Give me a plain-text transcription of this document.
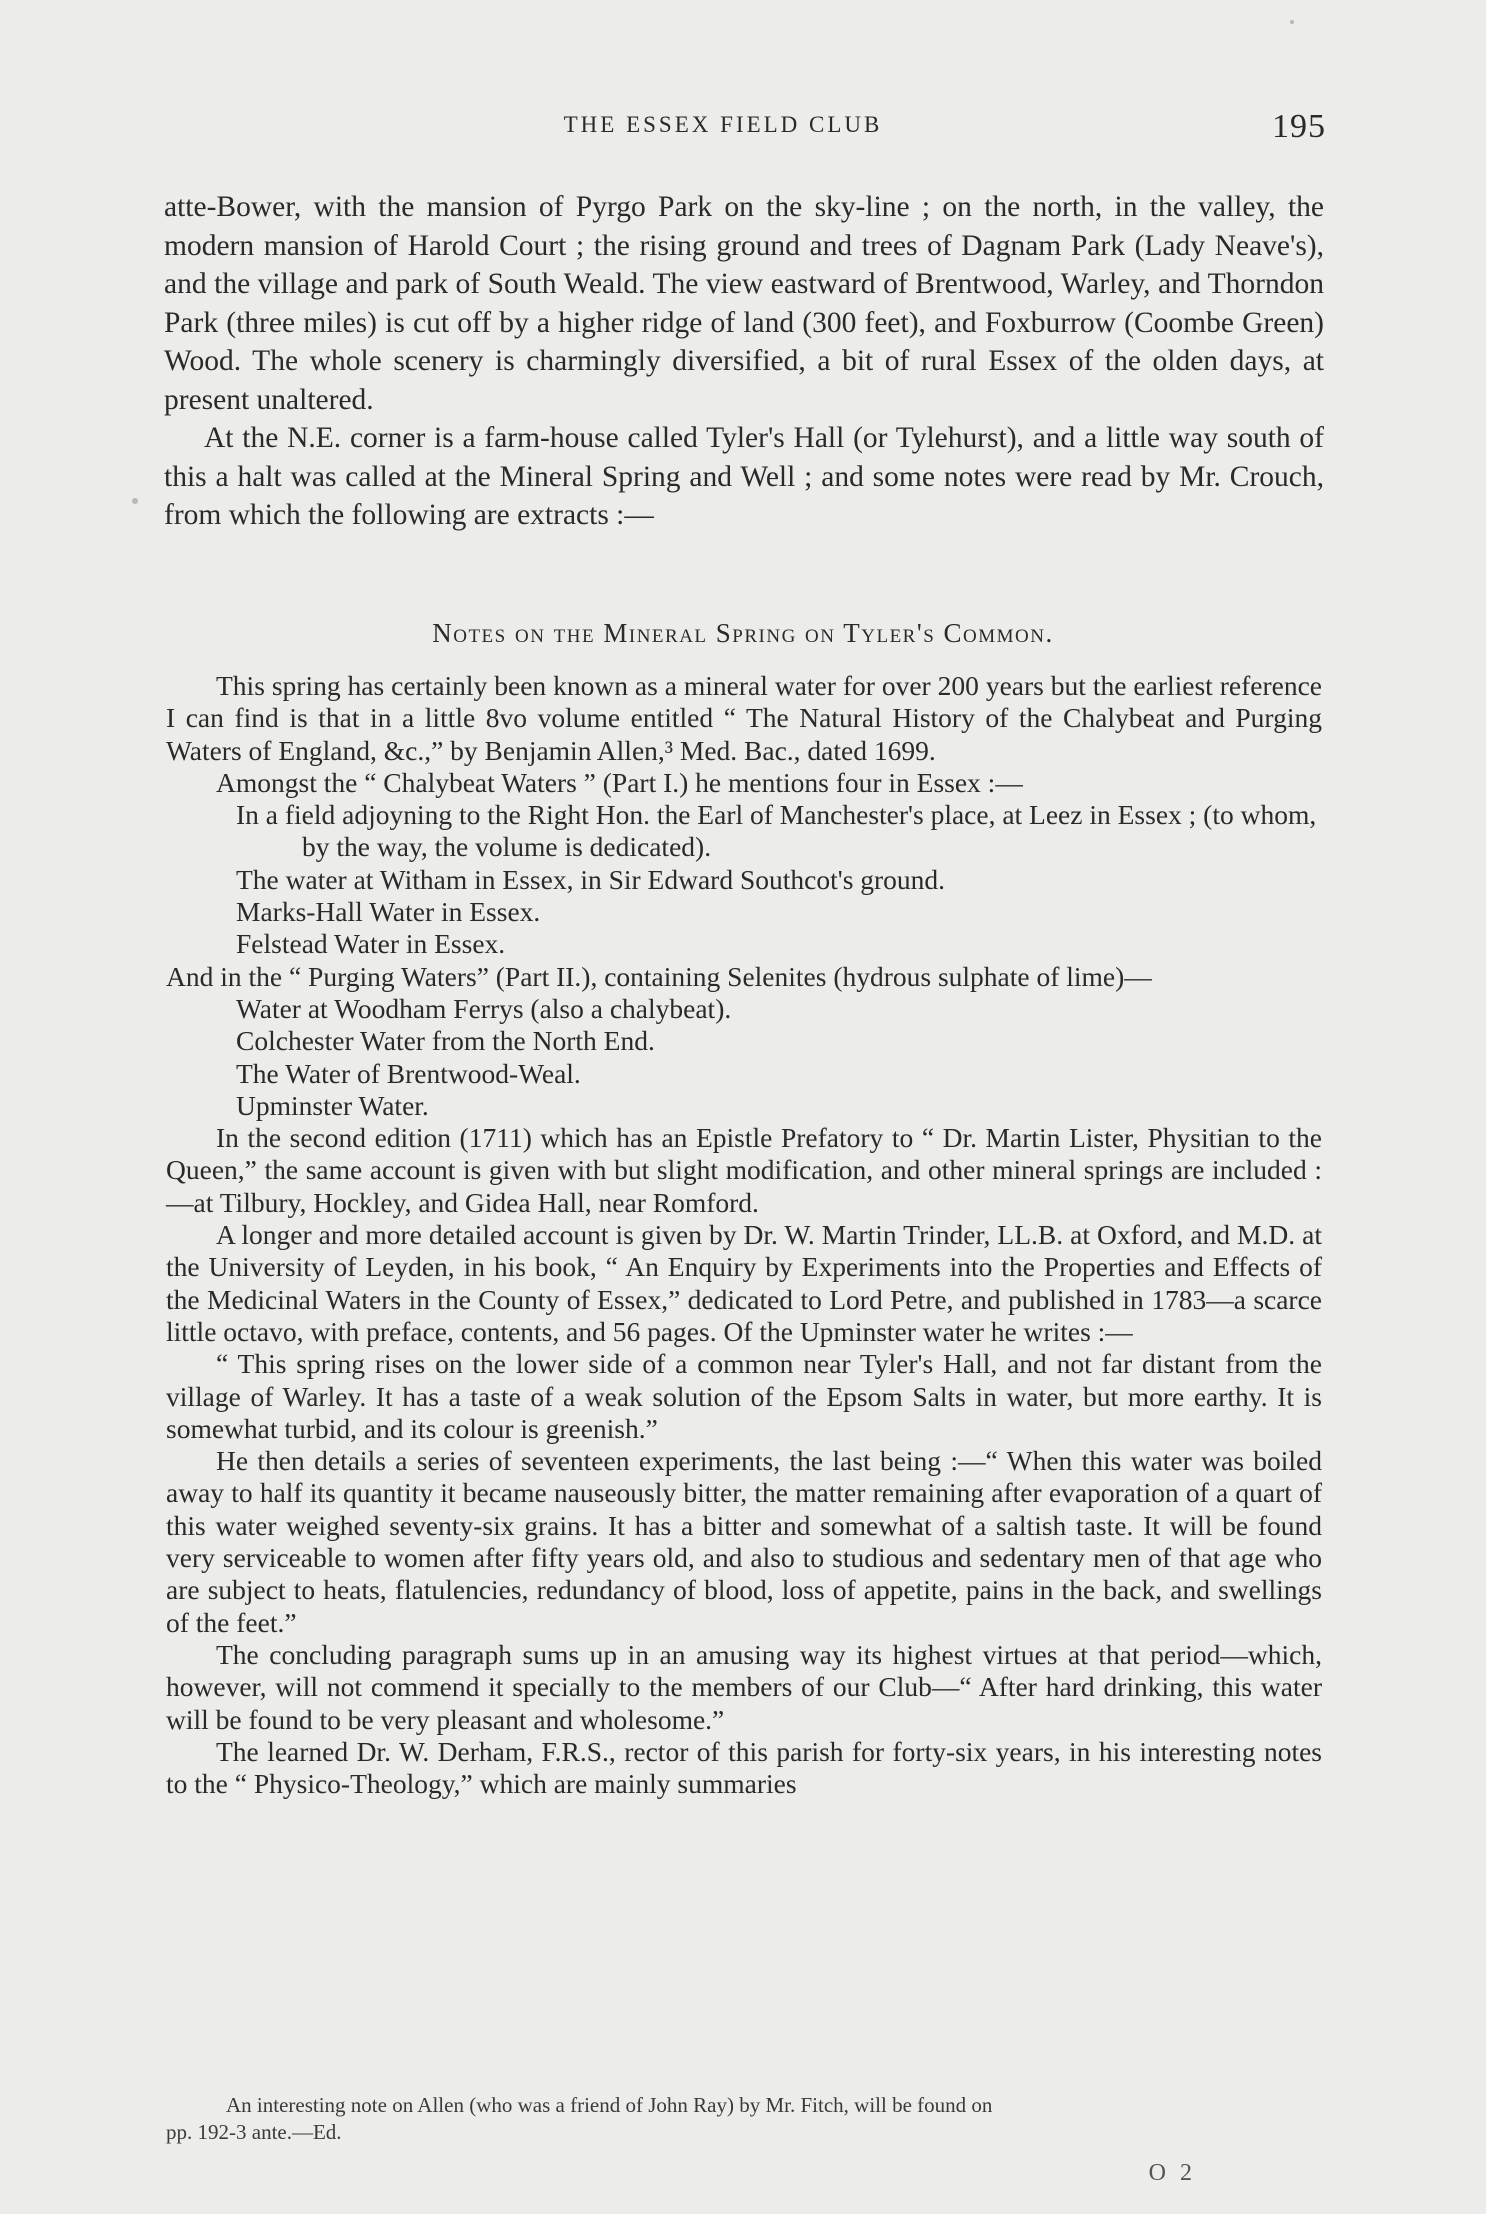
THE ESSEX FIELD CLUB	195

atte-Bower, with the mansion of Pyrgo Park on the sky-line ; on the north, in the valley, the modern mansion of Harold Court ; the rising ground and trees of Dagnam Park (Lady Neave's), and the village and park of South Weald. The view eastward of Brentwood, Warley, and Thorndon Park (three miles) is cut off by a higher ridge of land (300 feet), and Foxburrow (Coombe Green) Wood. The whole scenery is charmingly diversified, a bit of rural Essex of the olden days, at present unaltered.

At the N.E. corner is a farm-house called Tyler's Hall (or Tylehurst), and a little way south of this a halt was called at the Mineral Spring and Well ; and some notes were read by Mr. Crouch, from which the following are extracts :—

Notes on the Mineral Spring on Tyler's Common.

This spring has certainly been known as a mineral water for over 200 years but the earliest reference I can find is that in a little 8vo volume entitled “ The Natural History of the Chalybeat and Purging Waters of England, &c.,” by Benjamin Allen,³ Med. Bac., dated 1699.

Amongst the “ Chalybeat Waters ” (Part I.) he mentions four in Essex :—

In a field adjoyning to the Right Hon. the Earl of Manchester's place, at Leez in Essex ; (to whom, by the way, the volume is dedicated).

The water at Witham in Essex, in Sir Edward Southcot's ground.

Marks-Hall Water in Essex.

Felstead Water in Essex.

And in the “ Purging Waters” (Part II.), containing Selenites (hydrous sulphate of lime)—

Water at Woodham Ferrys (also a chalybeat).

Colchester Water from the North End.

The Water of Brentwood-Weal.

Upminster Water.

In the second edition (1711) which has an Epistle Prefatory to “ Dr. Martin Lister, Physitian to the Queen,” the same account is given with but slight modification, and other mineral springs are included :—at Tilbury, Hockley, and Gidea Hall, near Romford.

A longer and more detailed account is given by Dr. W. Martin Trinder, LL.B. at Oxford, and M.D. at the University of Leyden, in his book, “ An Enquiry by Experiments into the Properties and Effects of the Medicinal Waters in the County of Essex,” dedicated to Lord Petre, and published in 1783—a scarce little octavo, with preface, contents, and 56 pages. Of the Upminster water he writes :—

“ This spring rises on the lower side of a common near Tyler's Hall, and not far distant from the village of Warley. It has a taste of a weak solution of the Epsom Salts in water, but more earthy. It is somewhat turbid, and its colour is greenish.”

He then details a series of seventeen experiments, the last being :—“ When this water was boiled away to half its quantity it became nauseously bitter, the matter remaining after evaporation of a quart of this water weighed seventy-six grains. It has a bitter and somewhat of a saltish taste. It will be found very serviceable to women after fifty years old, and also to studious and sedentary men of that age who are subject to heats, flatulencies, redundancy of blood, loss of appetite, pains in the back, and swellings of the feet.”

The concluding paragraph sums up in an amusing way its highest virtues at that period—which, however, will not commend it specially to the members of our Club—“ After hard drinking, this water will be found to be very pleasant and wholesome.”

The learned Dr. W. Derham, F.R.S., rector of this parish for forty-six years, in his interesting notes to the “ Physico-Theology,” which are mainly summaries

An interesting note on Allen (who was a friend of John Ray) by Mr. Fitch, will be found on

pp. 192-3 ante.—Ed.

O 2
